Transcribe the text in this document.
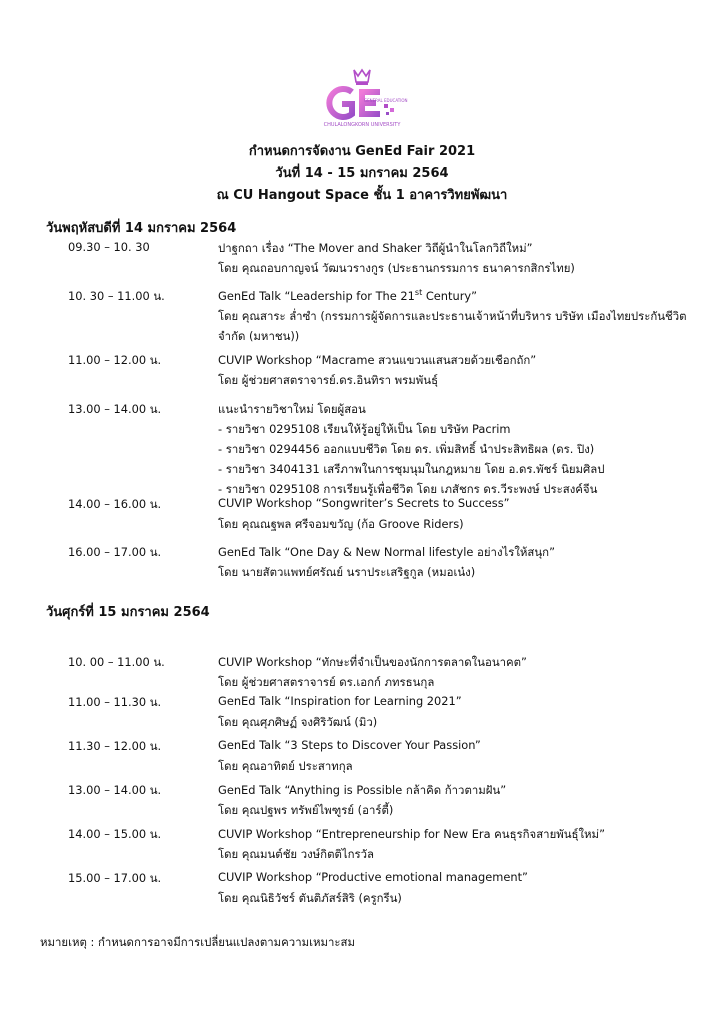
GENERAL EDUCATION
CHULALONGKORN UNIVERSITY
กำหนดการจัดงาน GenEd Fair 2021
วันที่ 14 - 15 มกราคม 2564
ณ CU Hangout Space ชั้น 1 อาคารวิทยพัฒนา
วันพฤหัสบดีที่ 14 มกราคม 2564
วันศุกร์ที่ 15 มกราคม 2564
09.30 – 10. 30	ปาฐกถา เรื่อง “The Mover and Shaker วิถีผู้นำในโลกวิถีใหม่”
โดย คุณถอบกาญจน์ วัฒนวรางกูร (ประธานกรรมการ ธนาคารกสิกรไทย)
10. 30 – 11.00 น.	GenEd Talk “Leadership for The 21st Century”
โดย คุณสาระ ล่ำซำ (กรรมการผู้จัดการและประธานเจ้าหน้าที่บริหาร บริษัท เมืองไทยประกันชีวิต
จำกัด (มหาชน))
11.00 – 12.00 น.	CUVIP Workshop “Macrame สวนแขวนแสนสวยด้วยเชือกถัก”
โดย ผู้ช่วยศาสตราจารย์.ดร.อินทิรา พรมพันธุ์
13.00 – 14.00 น.	แนะนำรายวิชาใหม่ โดยผู้สอน
- รายวิชา 0295108 เรียนให้รู้อยู่ให้เป็น โดย บริษัท Pacrim
- รายวิชา 0294456 ออกแบบชีวิต โดย ดร. เพิ่มสิทธิ์ นำประสิทธิผล (ดร. ปิง)
- รายวิชา 3404131 เสรีภาพในการชุมนุมในกฎหมาย โดย อ.ดร.พัชร์ นิยมศิลป
- รายวิชา 0295108 การเรียนรู้เพื่อชีวิต โดย เภสัชกร ดร.วีระพงษ์ ประสงค์จีน
14.00 – 16.00 น.	CUVIP Workshop “Songwriter’s Secrets to Success”
โดย คุณณฐพล ศรีจอมขวัญ (ก้อ Groove Riders)
16.00 – 17.00 น.	GenEd Talk “One Day & New Normal lifestyle อย่างไรให้สนุก”
โดย นายสัตวแพทย์ศรัณย์ นราประเสริฐกูล (หมอเน๋ง)
10. 00 – 11.00 น.	CUVIP Workshop “ทักษะที่จำเป็นของนักการตลาดในอนาคต”
โดย ผู้ช่วยศาสตราจารย์ ดร.เอกก์ ภทรธนกุล
11.00 – 11.30 น.	GenEd Talk “Inspiration for Learning 2021”
โดย คุณศุภศิษฏ์ จงศิริวัฒน์ (มิว)
11.30 – 12.00 น.	GenEd Talk “3 Steps to Discover Your Passion”
โดย คุณอาทิตย์ ประสาทกุล
13.00 – 14.00 น.	GenEd Talk “Anything is Possible กล้าคิด ก้าวตามฝัน”
โดย คุณปฐพร ทรัพย์ไพฑูรย์ (อาร์ตี้)
14.00 – 15.00 น.	CUVIP Workshop “Entrepreneurship for New Era คนธุรกิจสายพันธุ์ใหม่”
โดย คุณมนต์ชัย วงษ์กิตติไกรวัล
15.00 – 17.00 น.	CUVIP Workshop “Productive emotional management”
โดย คุณนิธิวัชร์ ตันติภัสร์สิริ (ครูกรีน)
หมายเหตุ : กำหนดการอาจมีการเปลี่ยนแปลงตามความเหมาะสม
